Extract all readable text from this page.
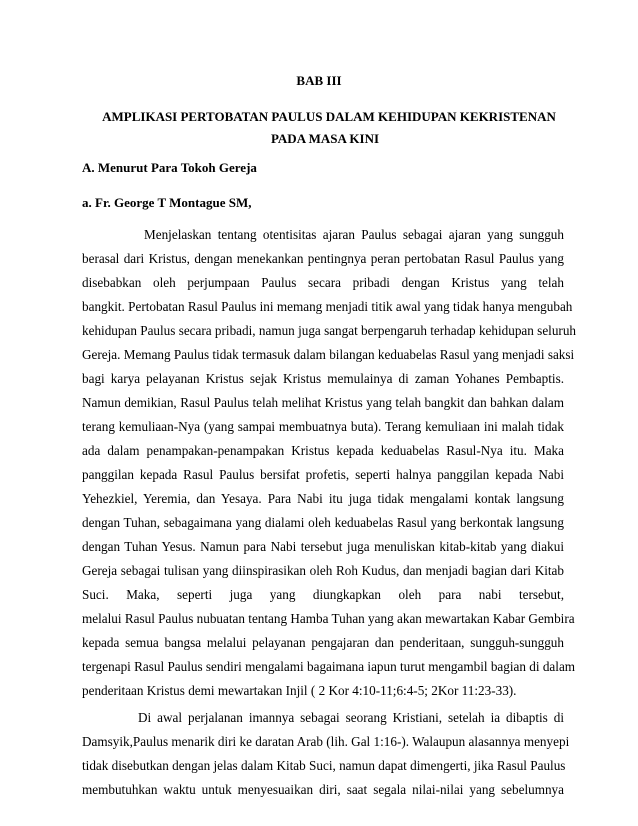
BAB III
AMPLIKASI PERTOBATAN PAULUS DALAM KEHIDUPAN KEKRISTENAN
PADA MASA KINI
A. Menurut Para Tokoh Gereja
a. Fr. George T Montague SM,
Menjelaskan tentang otentisitas ajaran Paulus sebagai ajaran yang sungguh
berasal dari Kristus, dengan menekankan pentingnya peran pertobatan Rasul Paulus yang
disebabkan oleh perjumpaan Paulus secara pribadi dengan Kristus yang telah
bangkit. Pertobatan Rasul Paulus ini memang menjadi titik awal yang tidak hanya mengubah
kehidupan Paulus secara pribadi, namun juga sangat berpengaruh terhadap kehidupan seluruh
Gereja. Memang Paulus tidak termasuk dalam bilangan keduabelas Rasul yang menjadi saksi
bagi karya pelayanan Kristus sejak Kristus memulainya di zaman Yohanes Pembaptis.
Namun demikian, Rasul Paulus telah melihat Kristus yang telah bangkit dan bahkan dalam
terang kemuliaan-Nya (yang sampai membuatnya buta). Terang kemuliaan ini malah tidak
ada dalam penampakan-penampakan Kristus kepada keduabelas Rasul-Nya itu. Maka
panggilan kepada Rasul Paulus bersifat profetis, seperti halnya panggilan kepada Nabi
Yehezkiel, Yeremia, dan Yesaya. Para Nabi itu juga tidak mengalami kontak langsung
dengan Tuhan, sebagaimana yang dialami oleh keduabelas Rasul yang berkontak langsung
dengan Tuhan Yesus. Namun para Nabi tersebut juga menuliskan kitab-kitab yang diakui
Gereja sebagai tulisan yang diinspirasikan oleh Roh Kudus, dan menjadi bagian dari Kitab
Suci. Maka, seperti juga yang diungkapkan oleh para nabi tersebut,
melalui Rasul Paulus nubuatan tentang Hamba Tuhan yang akan mewartakan Kabar Gembira
kepada semua bangsa melalui pelayanan pengajaran dan penderitaan, sungguh-sungguh
tergenapi Rasul Paulus sendiri mengalami bagaimana iapun turut mengambil bagian di dalam
penderitaan Kristus demi mewartakan Injil ( 2 Kor 4:10-11;6:4-5; 2Kor 11:23-33).
Di awal perjalanan imannya sebagai seorang Kristiani, setelah ia dibaptis di
Damsyik,Paulus menarik diri ke daratan Arab (lih. Gal 1:16-). Walaupun alasannya menyepi
tidak disebutkan dengan jelas dalam Kitab Suci, namun dapat dimengerti, jika Rasul Paulus
membutuhkan waktu untuk menyesuaikan diri, saat segala nilai-nilai yang sebelumnya
